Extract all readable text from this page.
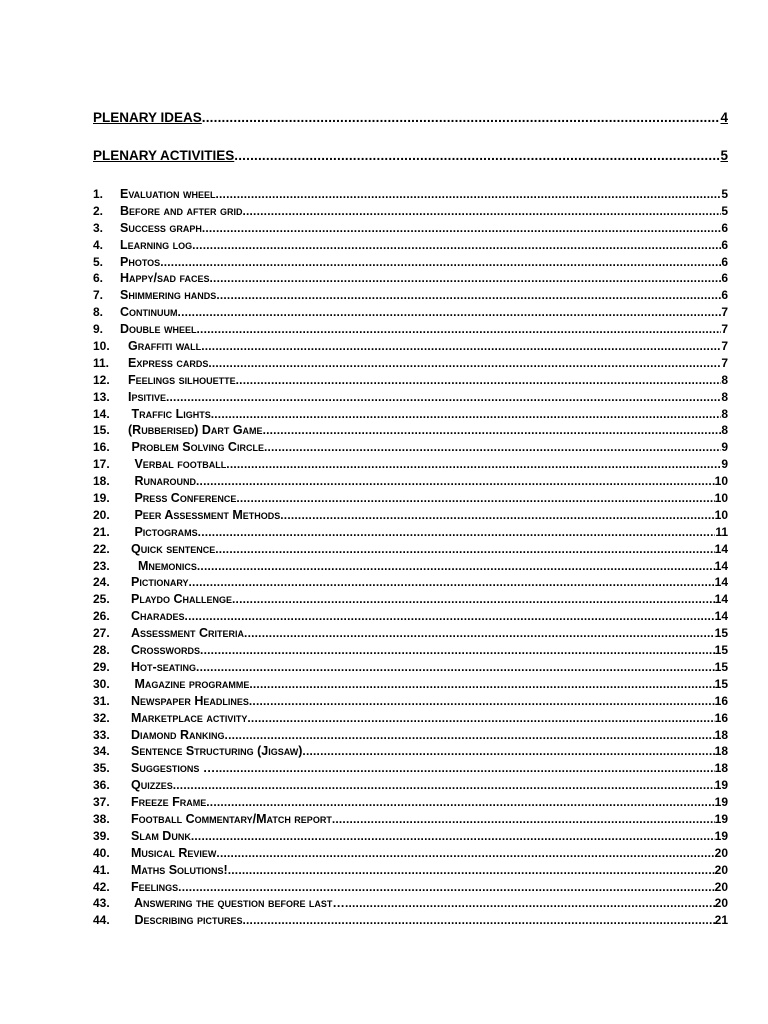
PLENARY IDEAS .....	4
PLENARY ACTIVITIES .....	5
1.	Evaluation wheel .....	5
2.	Before and after grid .....	5
3.	Success graph .....	6
4.	Learning log .....	6
5.	Photos .....	6
6.	Happy/sad faces .....	6
7.	Shimmering hands .....	6
8.	Continuum .....	7
9.	Double wheel .....	7
10.	Graffiti wall .....	7
11.	Express cards .....	7
12.	Feelings silhouette .....	8
13.	Ipsitive .....	8
14.	Traffic Lights .....	8
15.	(Rubberised) Dart Game .....	8
16.	Problem Solving Circle .....	9
17.	Verbal football .....	9
18.	Runaround .....	10
19.	Press Conference .....	10
20.	Peer Assessment Methods .....	10
21.	Pictograms .....	11
22.	Quick sentence .....	14
23.	Mnemonics .....	14
24.	Pictionary .....	14
25.	Playdo Challenge .....	14
26.	Charades .....	14
27.	Assessment Criteria .....	15
28.	Crosswords .....	15
29.	Hot-seating .....	15
30.	Magazine programme .....	15
31.	Newspaper Headlines .....	16
32.	Marketplace activity .....	16
33.	Diamond Ranking .....	18
34.	Sentence Structuring (Jigsaw) .....	18
35.	Suggestions … .....	18
36.	Quizzes .....	19
37.	Freeze Frame .....	19
38.	Football Commentary/Match report .....	19
39.	Slam Dunk .....	19
40.	Musical Review .....	20
41.	Maths Solutions! .....	20
42.	Feelings .....	20
43.	Answering the question before last… .....	20
44.	Describing pictures .....	21
